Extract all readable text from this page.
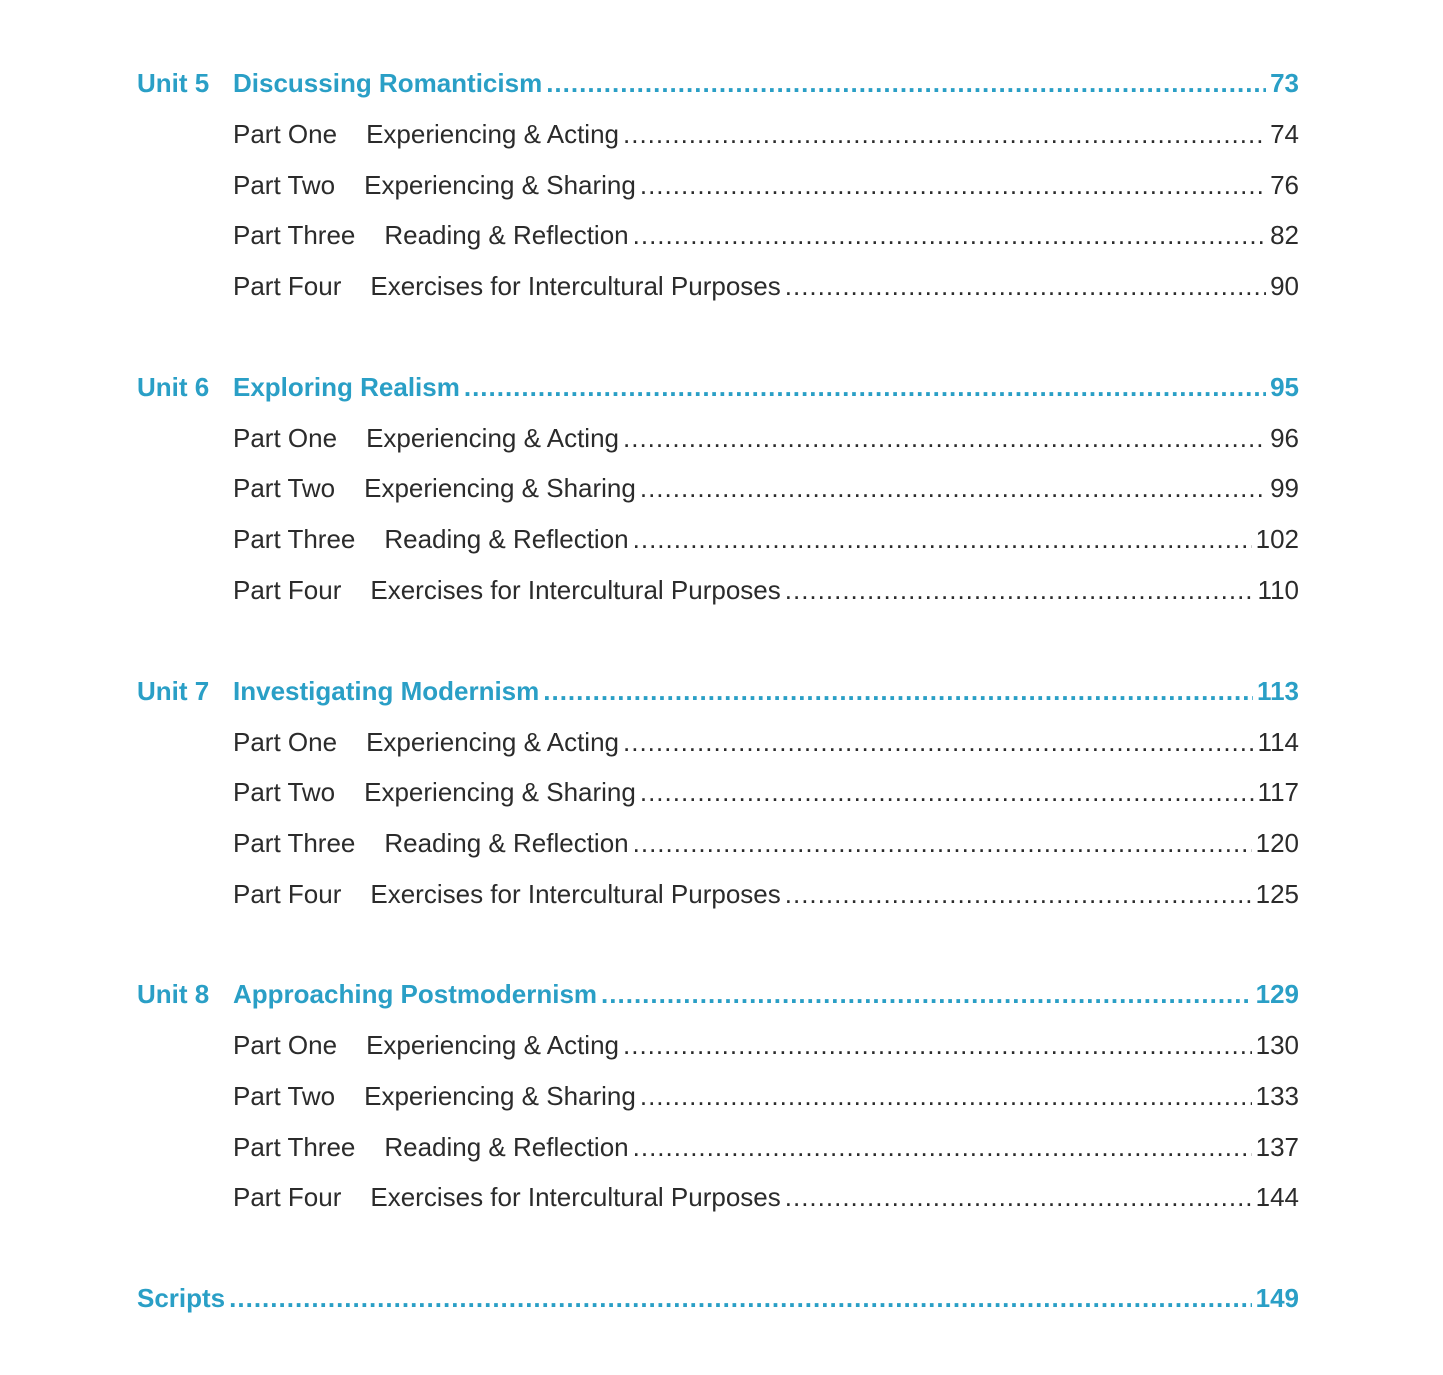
Unit 5 Discussing Romanticism .....	73
Part One	Experiencing & Acting .....	74
Part Two	Experiencing & Sharing .....	76
Part Three	Reading & Reflection .....	82
Part Four	Exercises for Intercultural Purposes .....	90
Unit 6 Exploring Realism .....	95
Part One	Experiencing & Acting .....	96
Part Two	Experiencing & Sharing .....	99
Part Three	Reading & Reflection .....	102
Part Four	Exercises for Intercultural Purposes .....	110
Unit 7 Investigating Modernism .....	113
Part One	Experiencing & Acting .....	114
Part Two	Experiencing & Sharing .....	117
Part Three	Reading & Reflection .....	120
Part Four	Exercises for Intercultural Purposes .....	125
Unit 8 Approaching Postmodernism .....	129
Part One	Experiencing & Acting .....	130
Part Two	Experiencing & Sharing .....	133
Part Three	Reading & Reflection .....	137
Part Four	Exercises for Intercultural Purposes .....	144
Scripts .....	149
